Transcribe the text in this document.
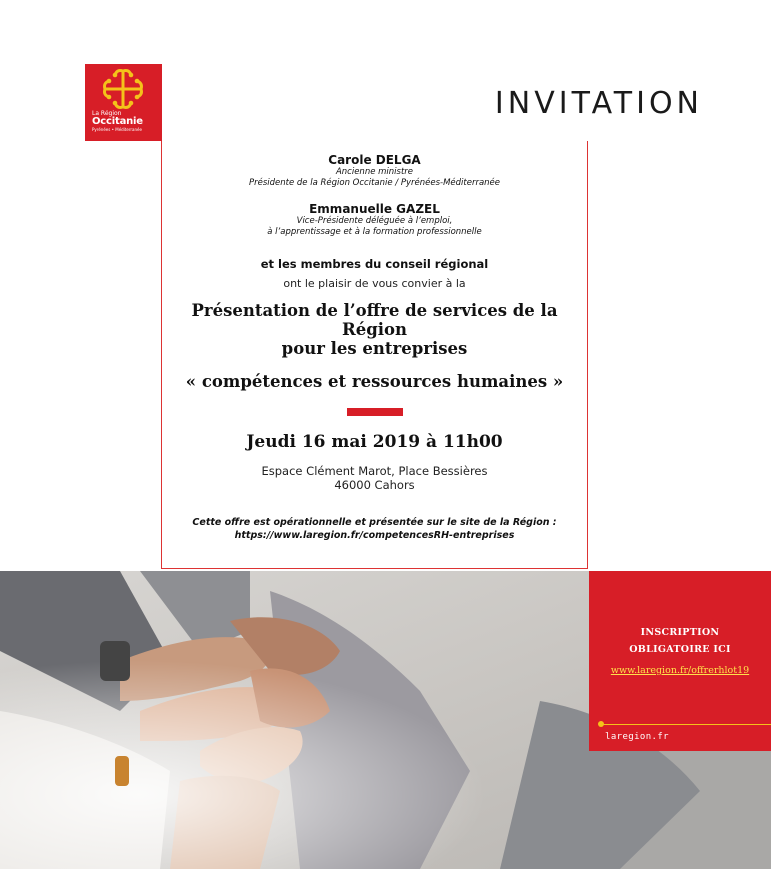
La Région
Occitanie
Pyrénées • Méditerranée
INVITATION

Carole DELGA

Ancienne ministre

Présidente de la Région Occitanie / Pyrénées-Méditerranée

Emmanuelle GAZEL

Vice-Présidente déléguée à l’emploi,

à l’apprentissage et à la formation professionnelle

et les membres du conseil régional
ont le plaisir de vous convier à la
Présentation de l’offre de services de la Région
pour les entreprises
« compétences et ressources humaines »
Jeudi 16 mai 2019 à 11h00
Espace Clément Marot, Place Bessières
46000 Cahors
Cette offre est opérationnelle et présentée sur le site de la Région :
https://www.laregion.fr/competencesRH-entreprises
INSCRIPTION
OBLIGATOIRE ICI
www.laregion.fr/offrerhlot19
laregion.fr
